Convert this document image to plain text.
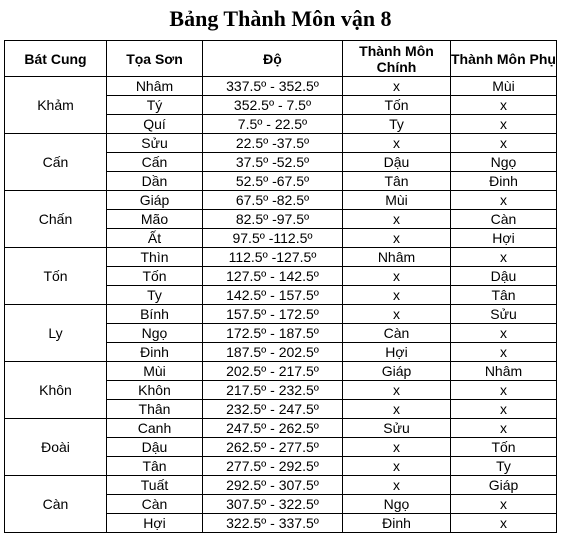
Bảng Thành Môn vận 8
Bát Cung	Tọa Sơn	Độ	Thành Môn Chính	Thành Môn Phụ
Khảm	Nhâm	337.5º - 352.5º	x	Mùi
	Tý	352.5º - 7.5º	Tốn	x
	Quí	7.5º - 22.5º	Ty	x
Cấn	Sửu	22.5º -37.5º	x	x
	Cấn	37.5º -52.5º	Dậu	Ngọ
	Dần	52.5º -67.5º	Tân	Đinh
Chấn	Giáp	67.5º -82.5º	Mùi	x
	Mão	82.5º -97.5º	x	Càn
	Ất	97.5º -112.5º	x	Hợi
Tốn	Thìn	112.5º -127.5º	Nhâm	x
	Tốn	127.5º - 142.5º	x	Dậu
	Ty	142.5º - 157.5º	x	Tân
Ly	Bính	157.5º - 172.5º	x	Sửu
	Ngọ	172.5º - 187.5º	Càn	x
	Đinh	187.5º - 202.5º	Hợi	x
Khôn	Mùi	202.5º - 217.5º	Giáp	Nhâm
	Khôn	217.5º - 232.5º	x	x
	Thân	232.5º - 247.5º	x	x
Đoài	Canh	247.5º - 262.5º	Sửu	x
	Dậu	262.5º - 277.5º	x	Tốn
	Tân	277.5º - 292.5º	x	Ty
Càn	Tuất	292.5º - 307.5º	x	Giáp
	Càn	307.5º - 322.5º	Ngọ	x
	Hợi	322.5º - 337.5º	Đinh	x
